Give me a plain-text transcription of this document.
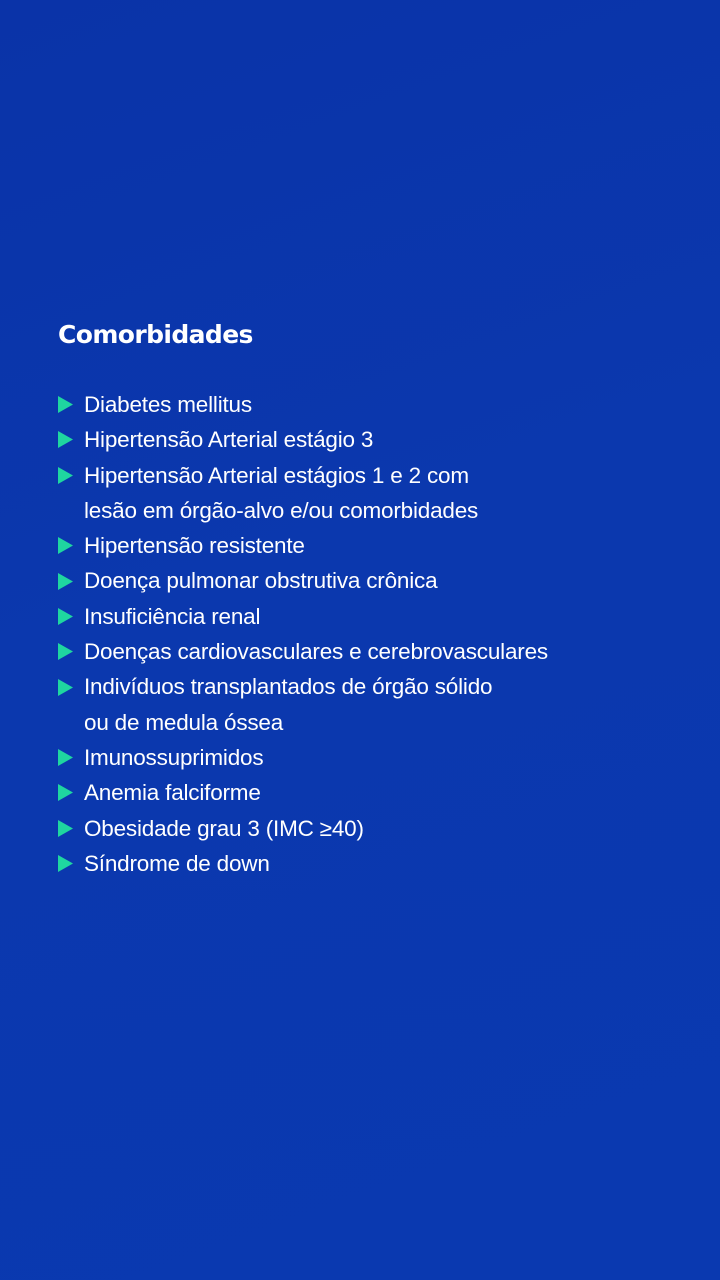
Comorbidades
Diabetes mellitus
Hipertensão Arterial estágio 3
Hipertensão Arterial estágios 1 e 2 com
lesão em órgão-alvo e/ou comorbidades
Hipertensão resistente
Doença pulmonar obstrutiva crônica
Insuficiência renal
Doenças cardiovasculares e cerebrovasculares
Indivíduos transplantados de órgão sólido
ou de medula óssea
Imunossuprimidos
Anemia falciforme
Obesidade grau 3 (IMC ≥40)
Síndrome de down
